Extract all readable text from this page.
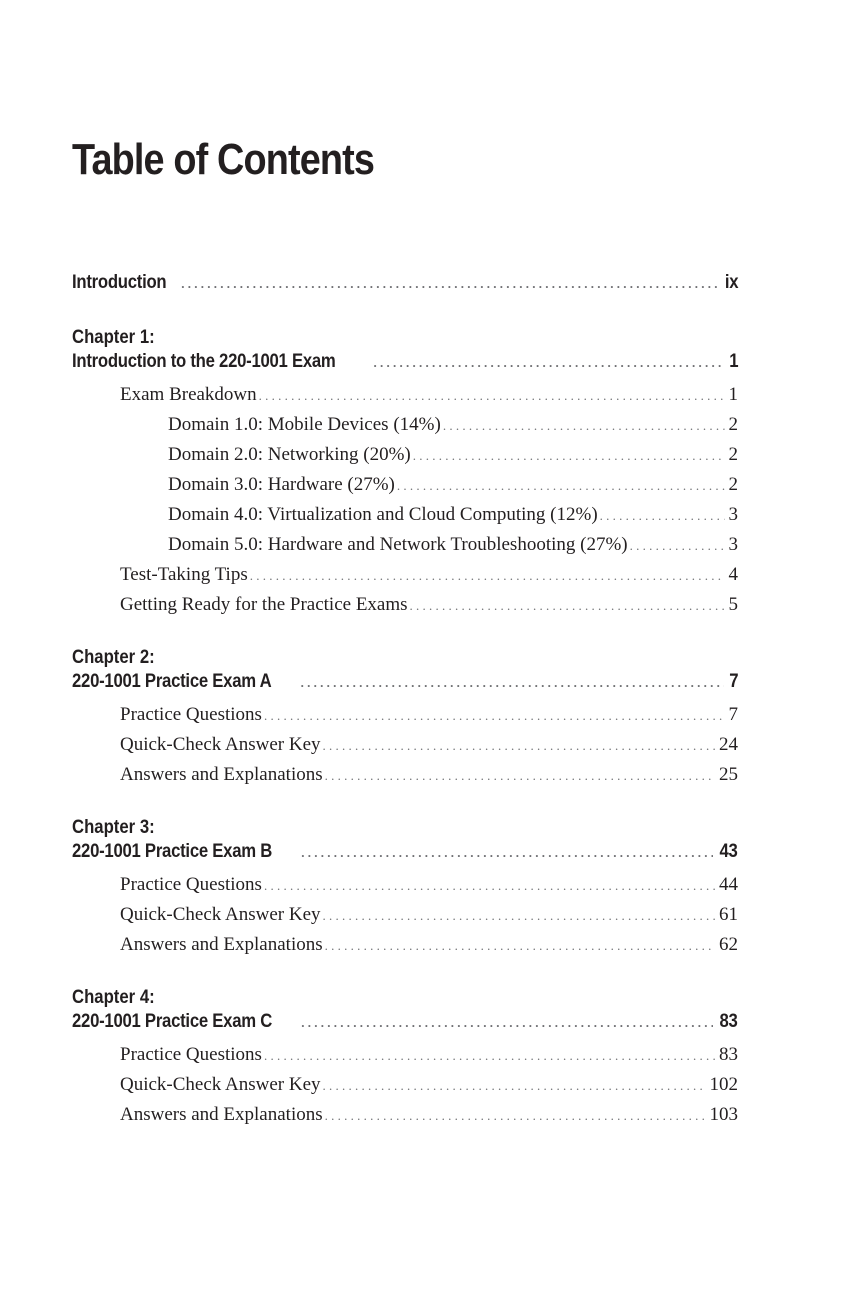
Table of Contents
Introduction . . .	ix
Chapter 1:
Introduction to the 220-1001 Exam . . .	1
Exam Breakdown . . .	1
Domain 1.0: Mobile Devices (14%) . . .	2
Domain 2.0: Networking (20%) . . .	2
Domain 3.0: Hardware (27%) . . .	2
Domain 4.0: Virtualization and Cloud Computing (12%) . . .	3
Domain 5.0: Hardware and Network Troubleshooting (27%) . . .	3
Test-Taking Tips . . .	4
Getting Ready for the Practice Exams . . .	5
Chapter 2:
220-1001 Practice Exam A . . .	7
Practice Questions . . .	7
Quick-Check Answer Key . . .	24
Answers and Explanations . . .	25
Chapter 3:
220-1001 Practice Exam B . . .	43
Practice Questions . . .	44
Quick-Check Answer Key . . .	61
Answers and Explanations . . .	62
Chapter 4:
220-1001 Practice Exam C . . .	83
Practice Questions . . .	83
Quick-Check Answer Key . . .	102
Answers and Explanations . . .	103
